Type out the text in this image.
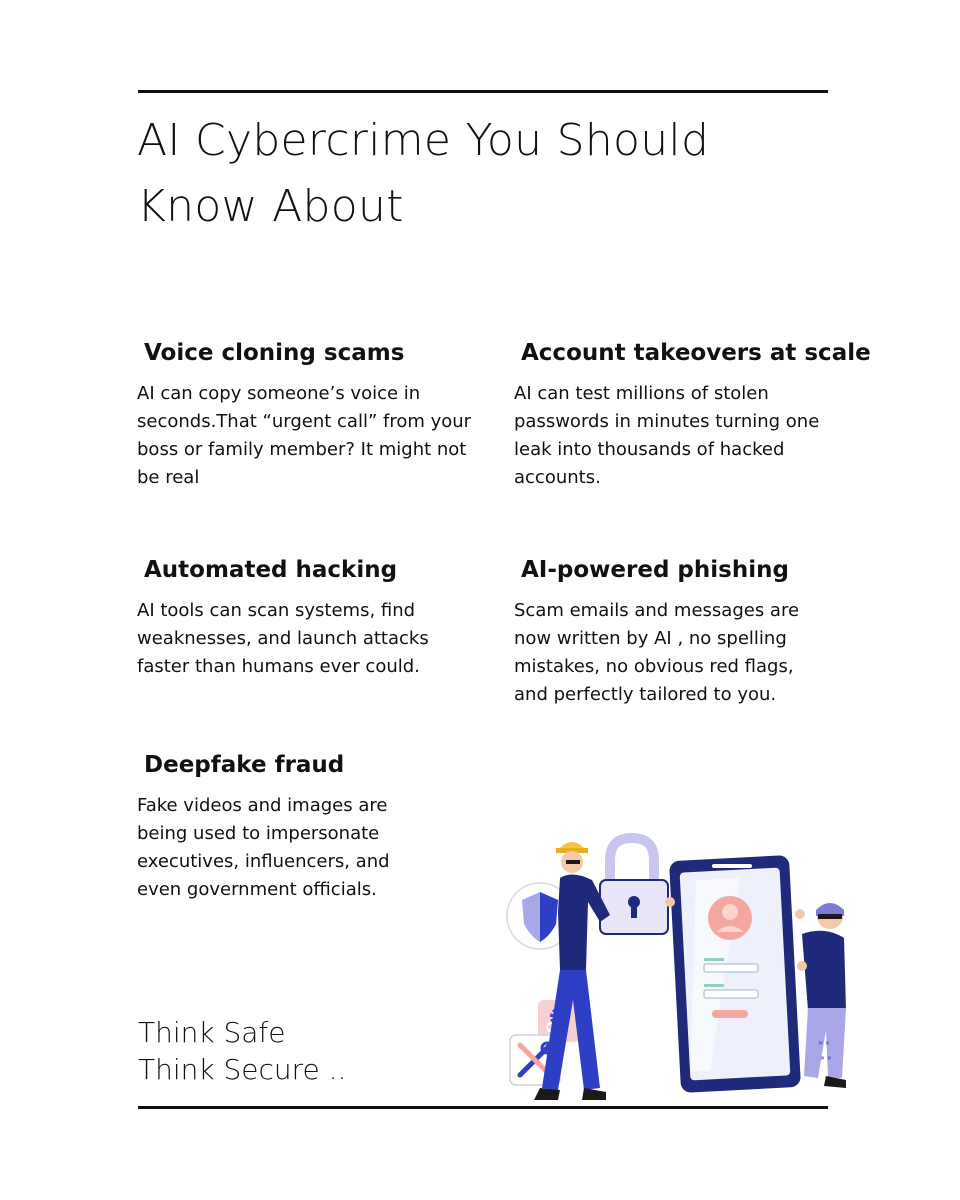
AI Cybercrime You Should Know About
Voice cloning scams

AI can copy someone’s voice in seconds.That “urgent call” from your boss or family member? It might not be real

Account takeovers at scale

AI can test millions of stolen passwords in minutes turning one leak into thousands of hacked accounts.

Automated hacking

AI tools can scan systems, find weaknesses, and launch attacks faster than humans ever could.

AI-powered phishing

Scam emails and messages are now written by AI , no spelling mistakes, no obvious red flags, and perfectly tailored to you.

Deepfake fraud

Fake videos and images are being used to impersonate executives, influencers, and even government officials.

Think Safe
Think Secure ..
✕ ✕
✕ ✕
